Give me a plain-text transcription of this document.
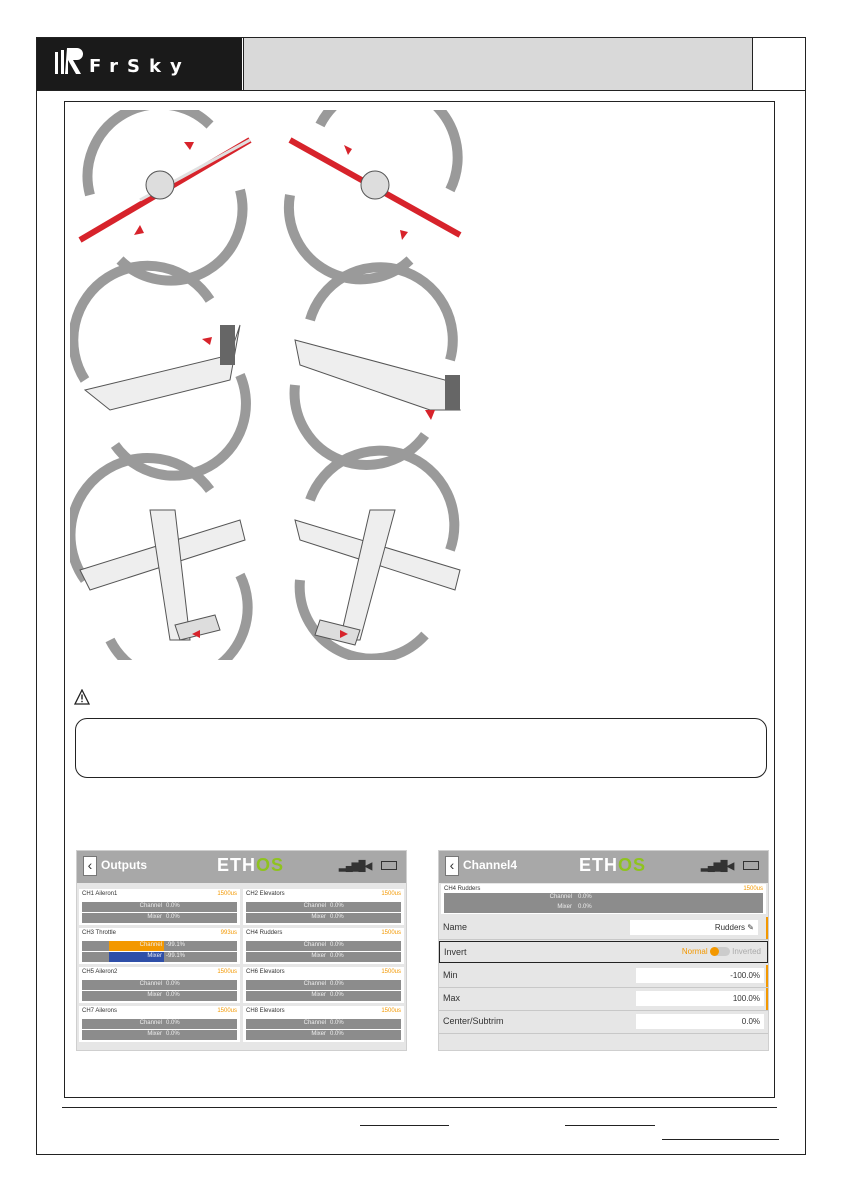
FrSky
‹ Outputs	ETHOS	▂▄▆█◀
CH1 Aileron1	1500us
Channel 0.0%
Mixer 0.0%
CH2 Elevators	1500us
Channel 0.0%
Mixer 0.0%
CH3 Throttle	993us
Channel -99.1%
Mixer -99.1%
CH4 Rudders	1500us
Channel 0.0%
Mixer 0.0%
CH5 Aileron2	1500us
Channel 0.0%
Mixer 0.0%
CH6 Elevators	1500us
Channel 0.0%
Mixer 0.0%
CH7 Ailerons	1500us
Channel 0.0%
Mixer 0.0%
CH8 Elevators	1500us
Channel 0.0%
Mixer 0.0%
‹ Channel4	ETHOS	▂▄▆█◀
CH4 Rudders	1500us
Channel 0.0%
Mixer 0.0%
Name	Rudders ✎
Invert	Normal	Inverted
Min	-100.0%
Max	100.0%
Center/Subtrim	0.0%
